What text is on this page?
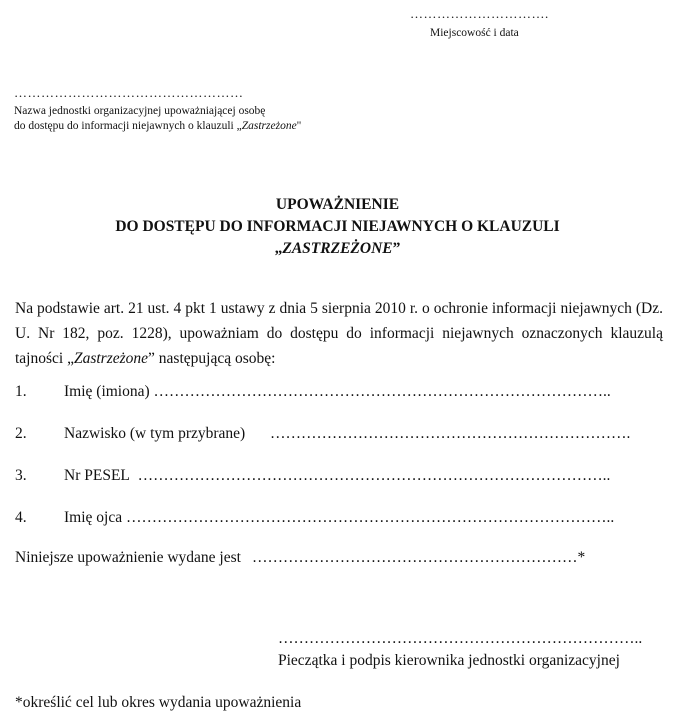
………………………….
Miejscowość i data
……………………………………………
Nazwa jednostki organizacyjnej upoważniającej osobę
do dostępu do informacji niejawnych o klauzuli „Zastrzeżone"
UPOWAŻNIENIE
DO DOSTĘPU DO INFORMACJI NIEJAWNYCH O KLAUZULI
„ZASTRZEŻONE”
Na podstawie art. 21 ust. 4 pkt 1 ustawy z dnia 5 sierpnia 2010 r. o ochronie informacji niejawnych (Dz. U. Nr 182, poz. 1228), upoważniam do dostępu do informacji niejawnych oznaczonych klauzulą tajności „Zastrzeżone” następującą osobę:
1. Imię (imiona) ……………………………………………………………………………..
2. Nazwisko (w tym przybrane) …………………………………………………………….
3. Nr PESEL ………………………………………………………………………………..
4. Imię ojca …………………………………………………………………………………..
Niniejsze upoważnienie wydane jest ………………………………………………………*
……………………………………………………………..
Pieczątka i podpis kierownika jednostki organizacyjnej
*określić cel lub okres wydania upoważnienia
